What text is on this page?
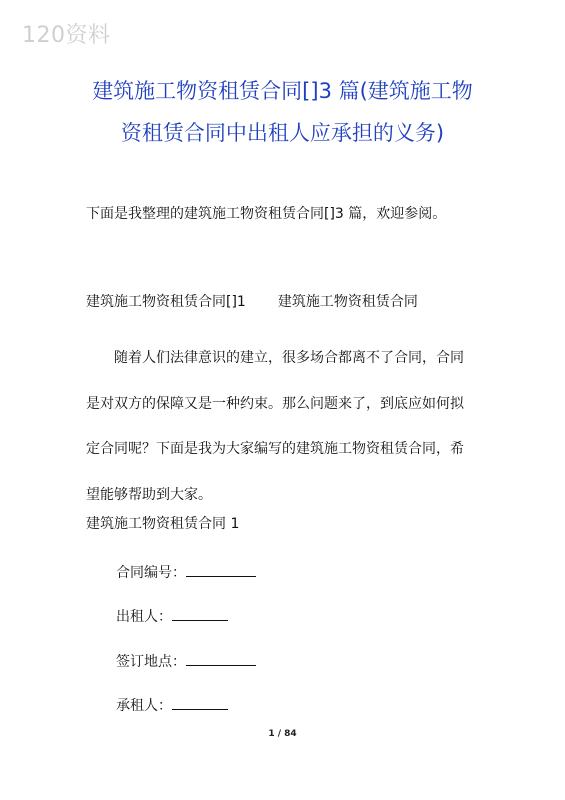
120资料
建筑施工物资租赁合同[]3 篇(建筑施工物
资租赁合同中出租人应承担的义务)
下面是我整理的建筑施工物资租赁合同[]3 篇，欢迎参阅。
建筑施工物资租赁合同[]1 建筑施工物资租赁合同
随着人们法律意识的建立，很多场合都离不了合同，合同
是对双方的保障又是一种约束。那么问题来了，到底应如何拟
定合同呢？下面是我为大家编写的建筑施工物资租赁合同，希
望能够帮助到大家。
建筑施工物资租赁合同 1
合同编号：
出租人：
签订地点：
承租人：
1 / 84
